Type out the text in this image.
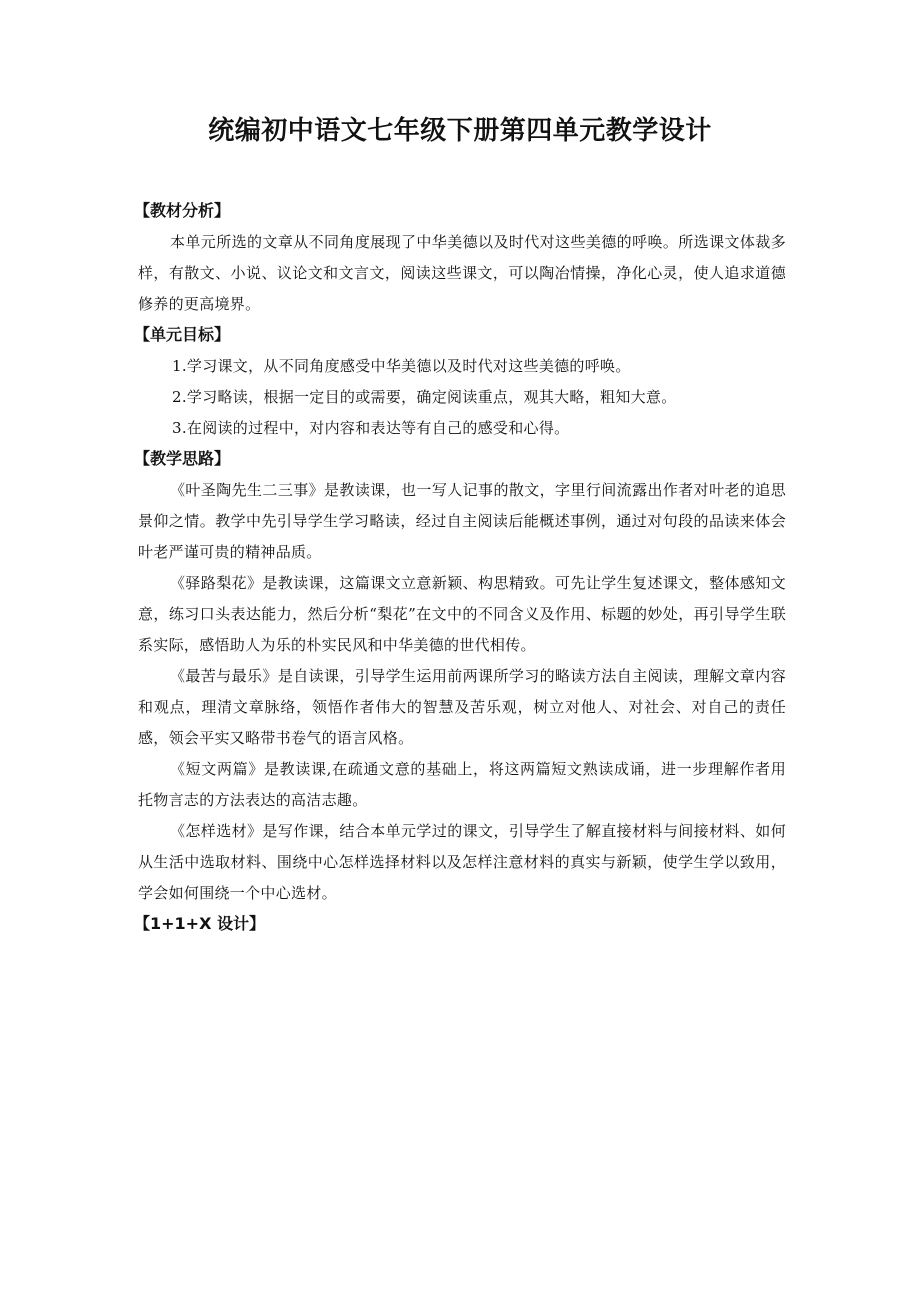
统编初中语文七年级下册第四单元教学设计
【教材分析】

本单元所选的文章从不同角度展现了中华美德以及时代对这些美德的呼唤。所选课文体裁多样，有散文、小说、议论文和文言文，阅读这些课文，可以陶冶情操，净化心灵，使人追求道德修养的更高境界。

【单元目标】

1.学习课文，从不同角度感受中华美德以及时代对这些美德的呼唤。

2.学习略读，根据一定目的或需要，确定阅读重点，观其大略，粗知大意。

3.在阅读的过程中，对内容和表达等有自己的感受和心得。

【教学思路】

《叶圣陶先生二三事》是教读课，也一写人记事的散文，字里行间流露出作者对叶老的追思景仰之情。教学中先引导学生学习略读，经过自主阅读后能概述事例，通过对句段的品读来体会叶老严谨可贵的精神品质。

《驿路梨花》是教读课，这篇课文立意新颖、构思精致。可先让学生复述课文，整体感知文意，练习口头表达能力，然后分析“梨花”在文中的不同含义及作用、标题的妙处，再引导学生联系实际，感悟助人为乐的朴实民风和中华美德的世代相传。

《最苦与最乐》是自读课，引导学生运用前两课所学习的略读方法自主阅读，理解文章内容和观点，理清文章脉络，领悟作者伟大的智慧及苦乐观，树立对他人、对社会、对自己的责任感，领会平实又略带书卷气的语言风格。

《短文两篇》是教读课,在疏通文意的基础上，将这两篇短文熟读成诵，进一步理解作者用托物言志的方法表达的高洁志趣。

《怎样选材》是写作课，结合本单元学过的课文，引导学生了解直接材料与间接材料、如何从生活中选取材料、围绕中心怎样选择材料以及怎样注意材料的真实与新颖，使学生学以致用，学会如何围绕一个中心选材。

【1+1+X 设计】
